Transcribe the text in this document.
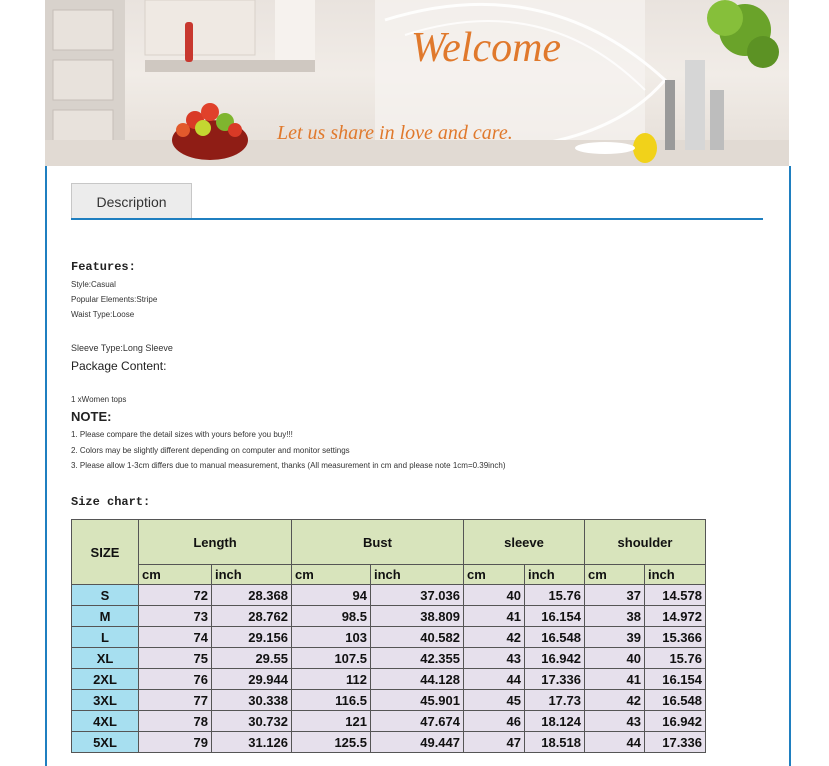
Welcome
Let us share in love and care.
Description
Features:
Style:Casual
Popular Elements:Stripe
Waist Type:Loose
Sleeve Type:Long Sleeve
Package Content:
1 xWomen tops
NOTE:
1. Please compare the detail sizes with yours before you buy!!!
2. Colors may be slightly different depending on computer and monitor settings
3. Please allow 1-3cm differs due to manual measurement, thanks (All measurement in cm and please note 1cm=0.39inch)
Size chart:
SIZE	Length		Bust		sleeve		shoulder	
	cm	inch	cm	inch	cm	inch	cm	inch
S	72	28.368	94	37.036	40	15.76	37	14.578
M	73	28.762	98.5	38.809	41	16.154	38	14.972
L	74	29.156	103	40.582	42	16.548	39	15.366
XL	75	29.55	107.5	42.355	43	16.942	40	15.76
2XL	76	29.944	112	44.128	44	17.336	41	16.154
3XL	77	30.338	116.5	45.901	45	17.73	42	16.548
4XL	78	30.732	121	47.674	46	18.124	43	16.942
5XL	79	31.126	125.5	49.447	47	18.518	44	17.336
